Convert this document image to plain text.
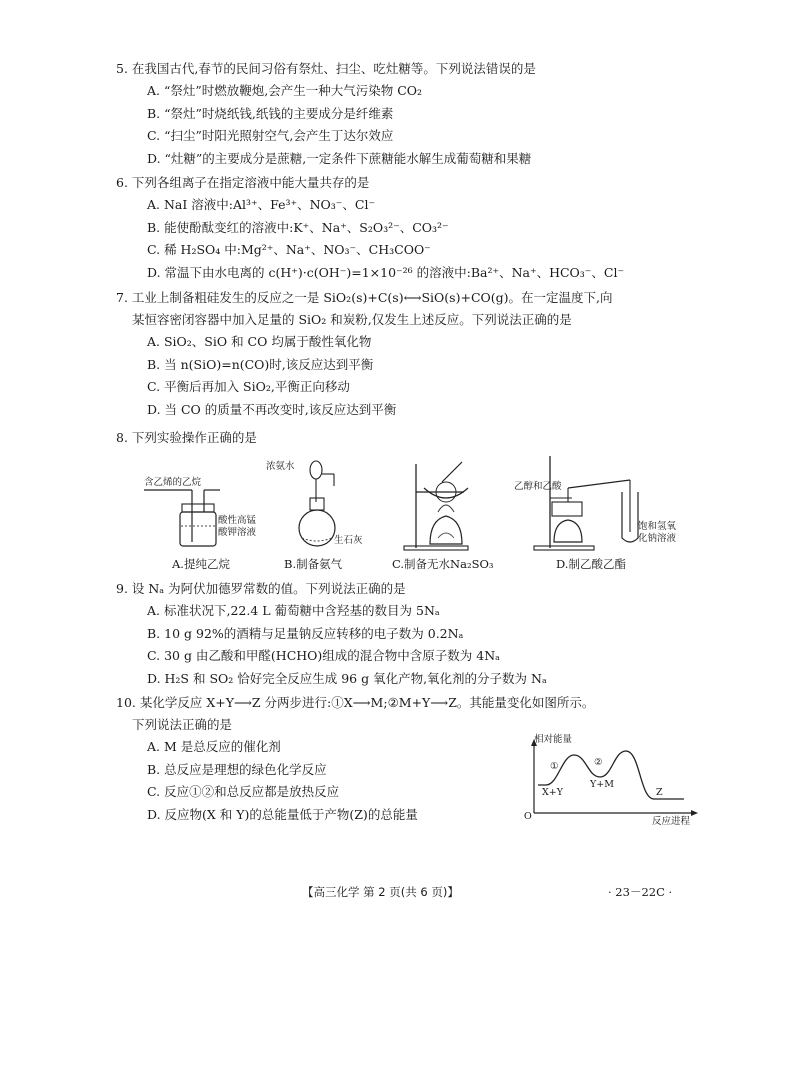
5. 在我国古代,春节的民间习俗有祭灶、扫尘、吃灶糖等。下列说法错误的是
A. “祭灶”时燃放鞭炮,会产生一种大气污染物 CO₂
B. “祭灶”时烧纸钱,纸钱的主要成分是纤维素
C. “扫尘”时阳光照射空气,会产生丁达尔效应
D. “灶糖”的主要成分是蔗糖,一定条件下蔗糖能水解生成葡萄糖和果糖
6. 下列各组离子在指定溶液中能大量共存的是
A. NaI 溶液中:Al³⁺、Fe³⁺、NO₃⁻、Cl⁻
B. 能使酚酞变红的溶液中:K⁺、Na⁺、S₂O₃²⁻、CO₃²⁻
C. 稀 H₂SO₄ 中:Mg²⁺、Na⁺、NO₃⁻、CH₃COO⁻
D. 常温下由水电离的 c(H⁺)·c(OH⁻)=1×10⁻²⁶ 的溶液中:Ba²⁺、Na⁺、HCO₃⁻、Cl⁻
7. 工业上制备粗硅发生的反应之一是 SiO₂(s)+C(s)⟷SiO(s)+CO(g)。在一定温度下,向
某恒容密闭容器中加入足量的 SiO₂ 和炭粉,仅发生上述反应。下列说法正确的是
A. SiO₂、SiO 和 CO 均属于酸性氧化物
B. 当 n(SiO)=n(CO)时,该反应达到平衡
C. 平衡后再加入 SiO₂,平衡正向移动
D. 当 CO 的质量不再改变时,该反应达到平衡
8. 下列实验操作正确的是
含乙烯的乙烷
酸性高锰
酸钾溶液
A.提纯乙烷
浓氨水
生石灰
B.制备氨气	C.制备无水Na₂SO₃
乙醇和乙酸
饱和氢氧
化钠溶液
D.制乙酸乙酯
9. 设 Nₐ 为阿伏加德罗常数的值。下列说法正确的是
A. 标准状况下,22.4 L 葡萄糖中含羟基的数目为 5Nₐ
B. 10 g 92%的酒精与足量钠反应转移的电子数为 0.2Nₐ
C. 30 g 由乙酸和甲醛(HCHO)组成的混合物中含原子数为 4Nₐ
D. H₂S 和 SO₂ 恰好完全反应生成 96 g 氧化产物,氧化剂的分子数为 Nₐ
10. 某化学反应 X+Y⟶Z 分两步进行:①X⟶M;②M+Y⟶Z。其能量变化如图所示。
下列说法正确的是
A. M 是总反应的催化剂
B. 总反应是理想的绿色化学反应
C. 反应①②和总反应都是放热反应
D. 反应物(X 和 Y)的总能量低于产物(Z)的总能量
相对能量
反应进程
O
①	②
X+Y
Y+M
Z
【高三化学 第 2 页(共 6 页)】	· 23－22C ·
